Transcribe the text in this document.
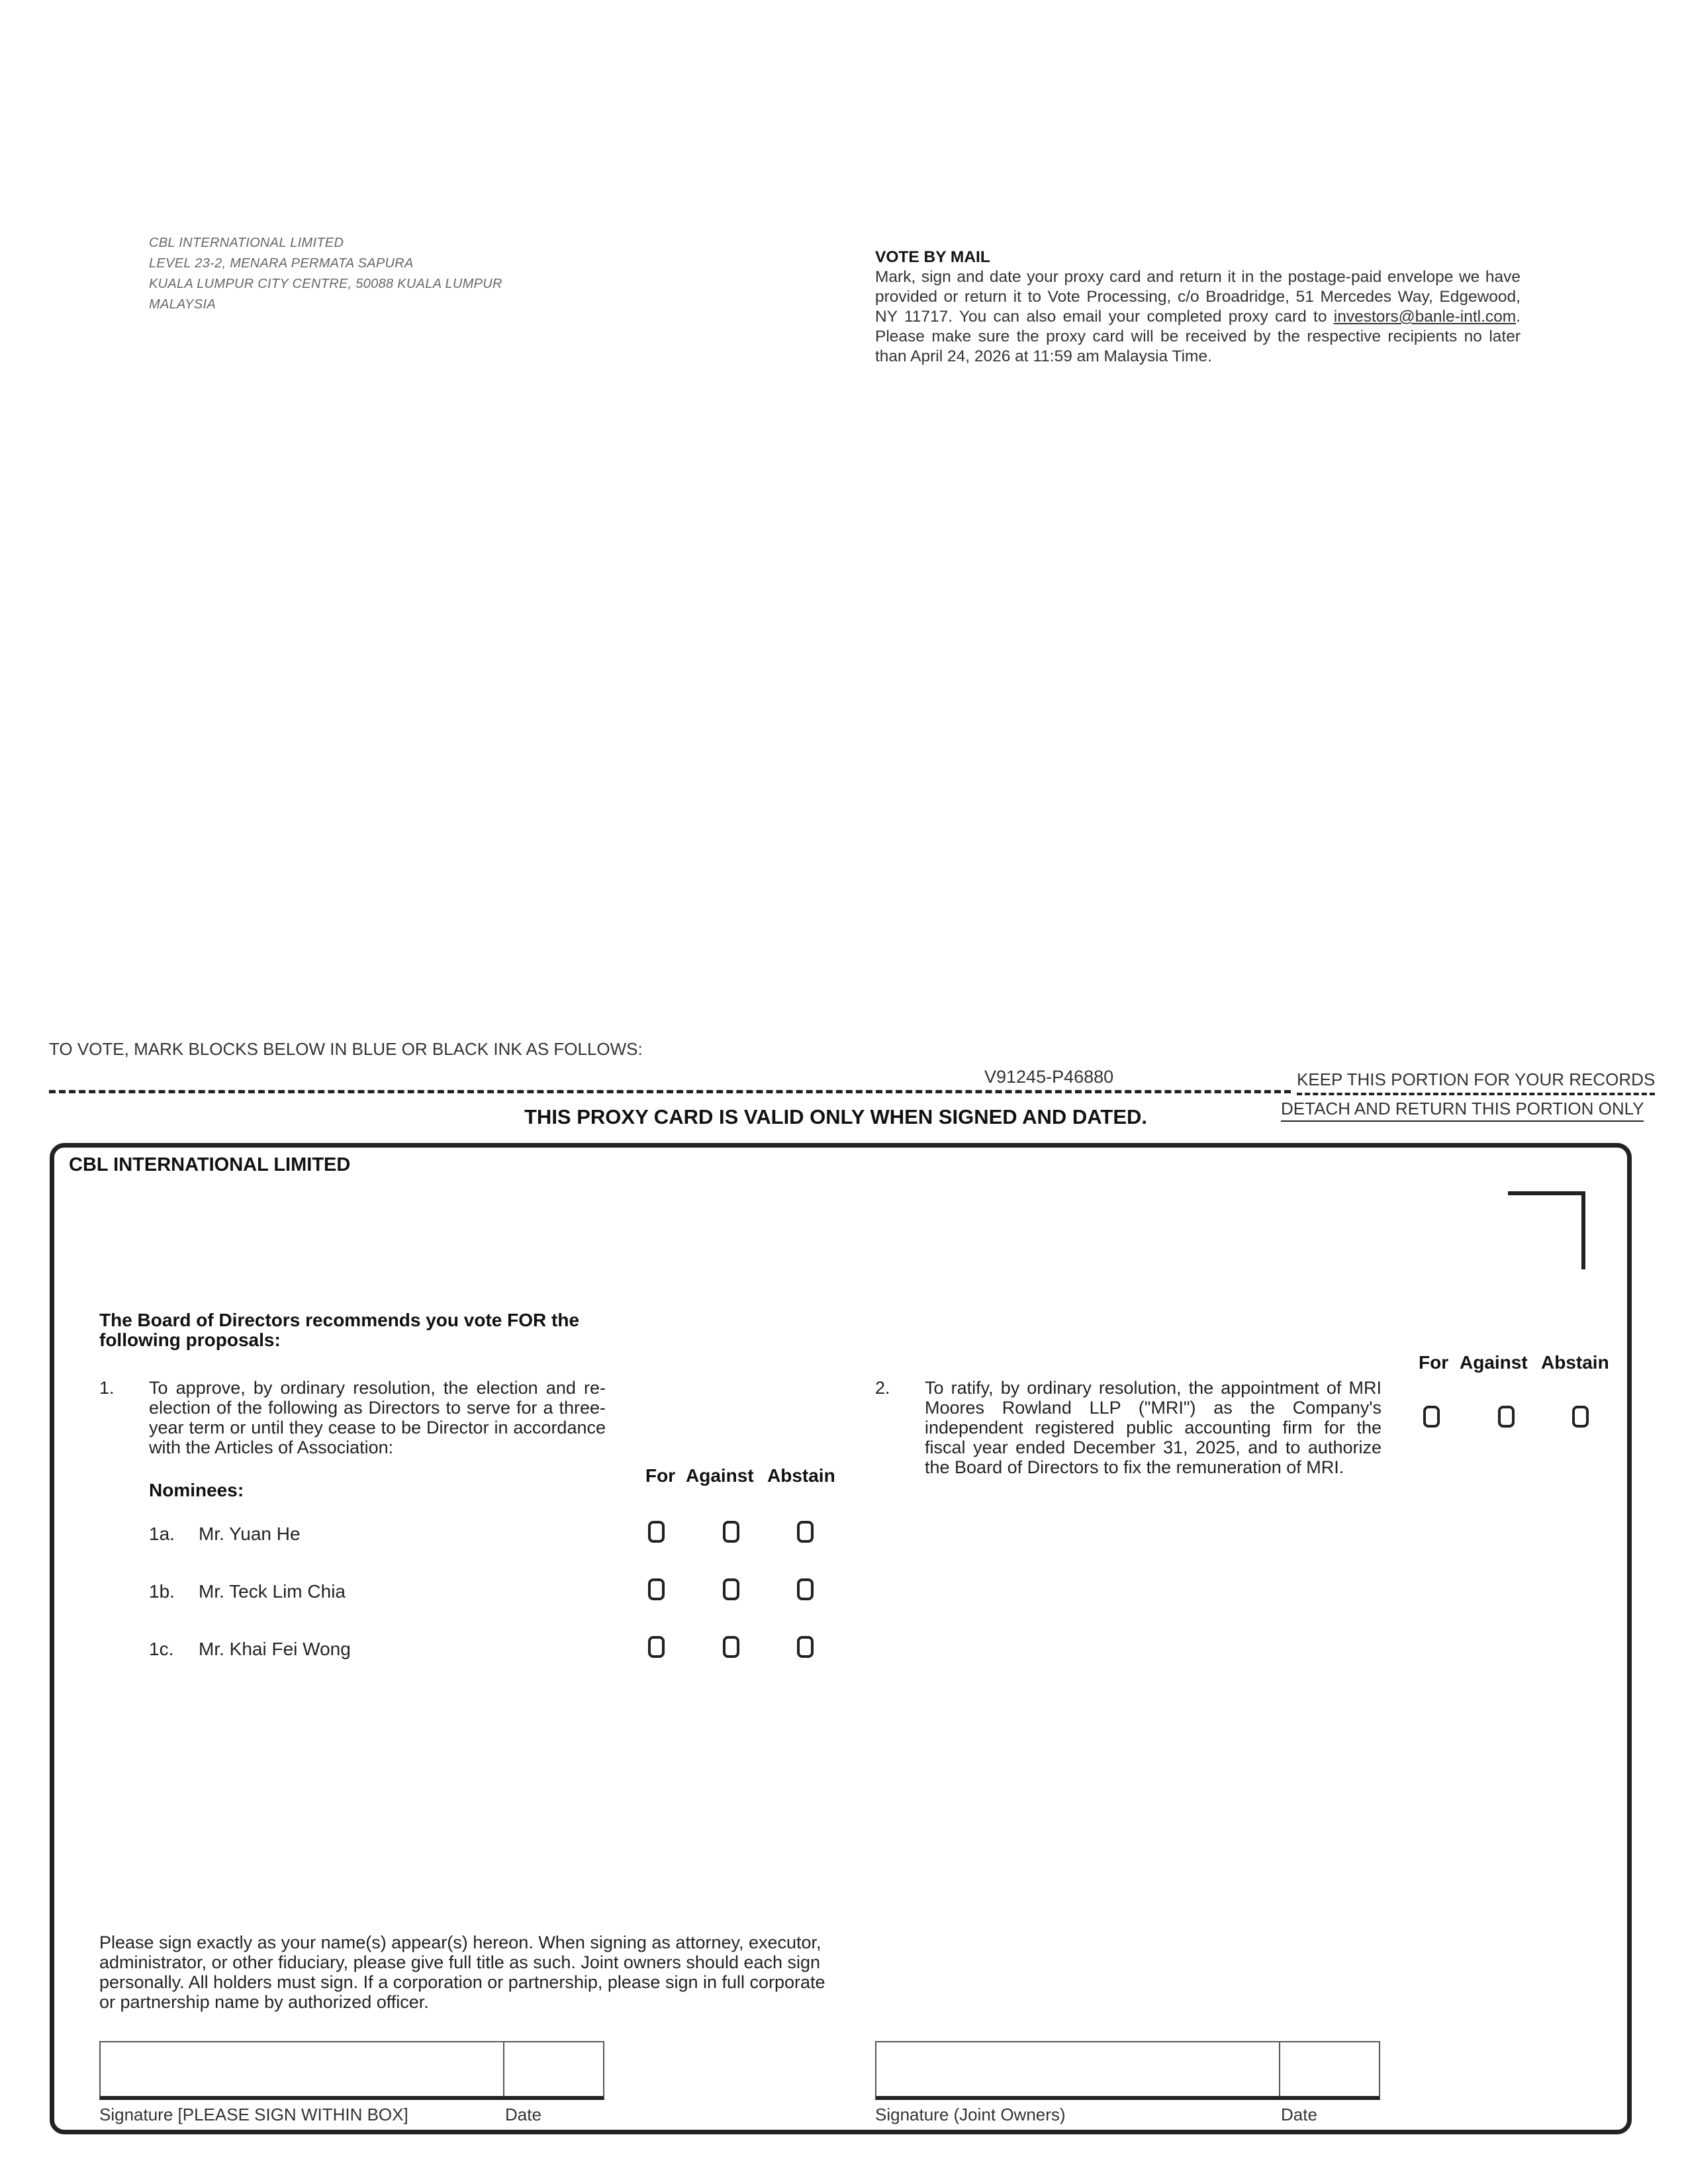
CBL INTERNATIONAL LIMITED
LEVEL 23-2, MENARA PERMATA SAPURA
KUALA LUMPUR CITY CENTRE, 50088 KUALA LUMPUR
MALAYSIA
VOTE BY MAIL
Mark, sign and date your proxy card and return it in the postage-paid envelope we have provided or return it to Vote Processing, c/o Broadridge, 51 Mercedes Way, Edgewood, NY 11717. You can also email your completed proxy card to investors@banle-intl.com. Please make sure the proxy card will be received by the respective recipients no later than April 24, 2026 at 11:59 am Malaysia Time.
TO VOTE, MARK BLOCKS BELOW IN BLUE OR BLACK INK AS FOLLOWS:
V91245-P46880	KEEP THIS PORTION FOR YOUR RECORDS
DETACH AND RETURN THIS PORTION ONLY
THIS PROXY CARD IS VALID ONLY WHEN SIGNED AND DATED.
CBL INTERNATIONAL LIMITED
The Board of Directors recommends you vote FOR the following proposals:
1. To approve, by ordinary resolution, the election and re-election of the following as Directors to serve for a three-year term or until they cease to be Director in accordance with the Articles of Association:
For Against Abstain
Nominees:
1a. Mr. Yuan He
1b. Mr. Teck Lim Chia
1c. Mr. Khai Fei Wong
For Against Abstain
2. To ratify, by ordinary resolution, the appointment of MRI Moores Rowland LLP ("MRI") as the Company's independent registered public accounting firm for the fiscal year ended December 31, 2025, and to authorize the Board of Directors to fix the remuneration of MRI.
Please sign exactly as your name(s) appear(s) hereon. When signing as attorney, executor, administrator, or other fiduciary, please give full title as such. Joint owners should each sign personally. All holders must sign. If a corporation or partnership, please sign in full corporate or partnership name by authorized officer.
Signature [PLEASE SIGN WITHIN BOX]	Date	Signature (Joint Owners)	Date
